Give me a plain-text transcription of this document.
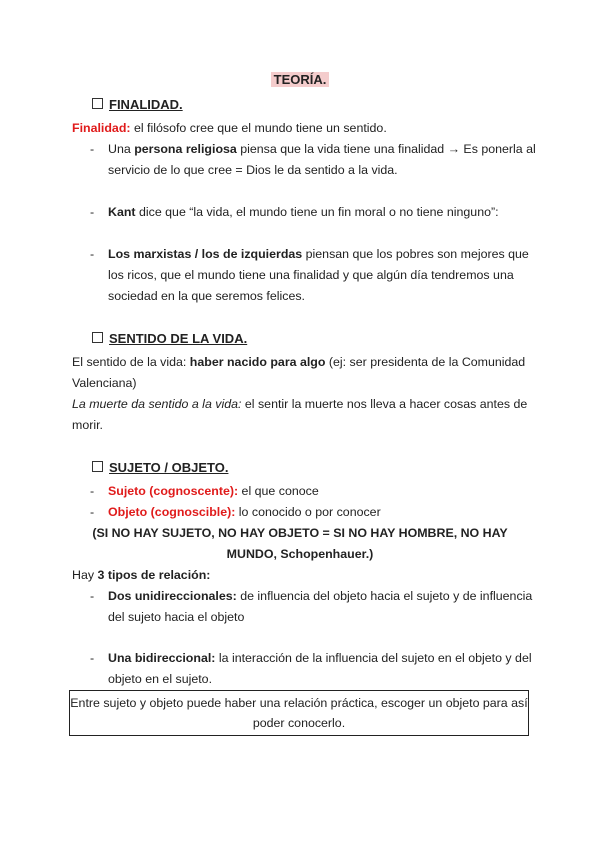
TEORÍA.
FINALIDAD.
Finalidad: el filósofo cree que el mundo tiene un sentido.
- Una persona religiosa piensa que la vida tiene una finalidad → Es ponerla al
servicio de lo que cree = Dios le da sentido a la vida.
- Kant dice que “la vida, el mundo tiene un fin moral o no tiene ninguno”:
- Los marxistas / los de izquierdas piensan que los pobres son mejores que
los ricos, que el mundo tiene una finalidad y que algún día tendremos una
sociedad en la que seremos felices.
SENTIDO DE LA VIDA.
El sentido de la vida: haber nacido para algo (ej: ser presidenta de la Comunidad
Valenciana)
La muerte da sentido a la vida: el sentir la muerte nos lleva a hacer cosas antes de
morir.
SUJETO / OBJETO.
- Sujeto (cognoscente): el que conoce
- Objeto (cognoscible): lo conocido o por conocer
(SI NO HAY SUJETO, NO HAY OBJETO = SI NO HAY HOMBRE, NO HAY
MUNDO, Schopenhauer.)
Hay 3 tipos de relación:
- Dos unidireccionales: de influencia del objeto hacia el sujeto y de influencia
del sujeto hacia el objeto
- Una bidireccional: la interacción de la influencia del sujeto en el objeto y del
objeto en el sujeto.
Entre sujeto y objeto puede haber una relación práctica, escoger un objeto para así
poder conocerlo.
